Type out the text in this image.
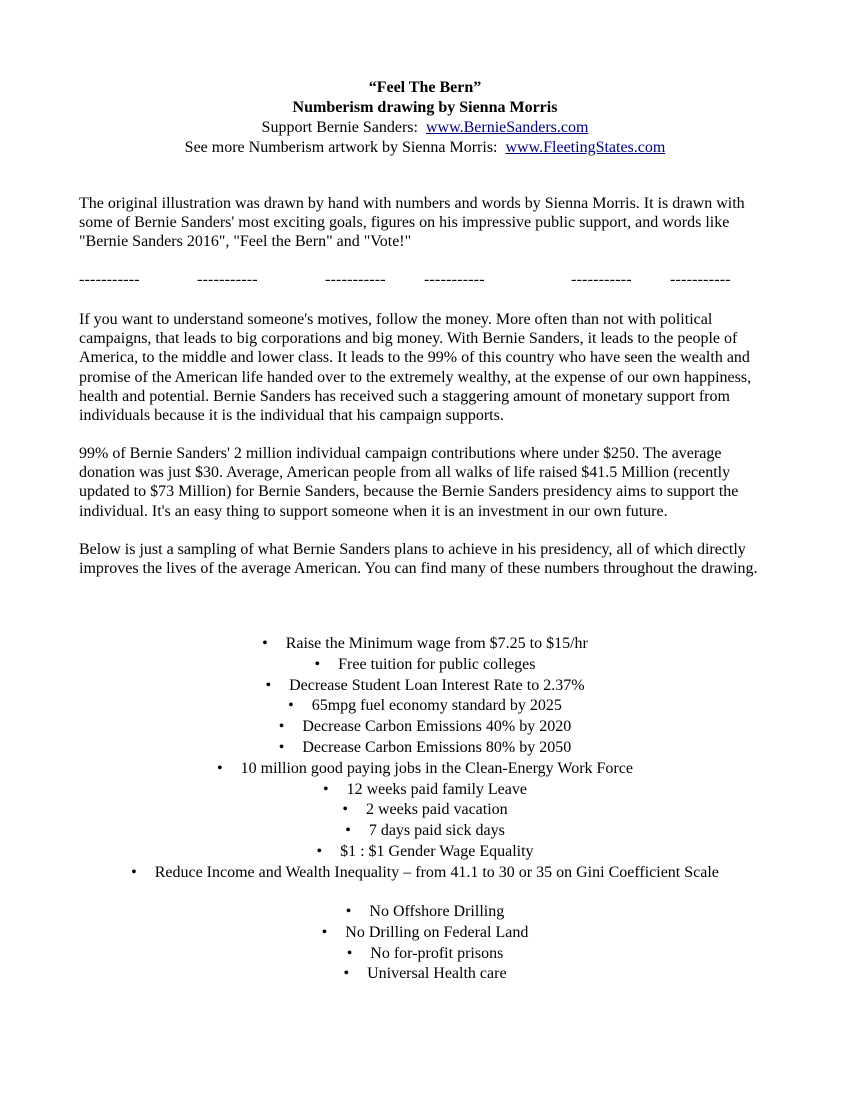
“Feel The Bern”
Numberism drawing by Sienna Morris
Support Bernie Sanders: www.BernieSanders.com
See more Numberism artwork by Sienna Morris: www.FleetingStates.com

The original illustration was drawn by hand with numbers and words by Sienna Morris. It is drawn with some of Bernie Sanders' most exciting goals, figures on his impressive public support, and words like "Bernie Sanders 2016", "Feel the Bern" and "Vote!"

-----------	-----------	----------- -----------	----------- -----------

If you want to understand someone's motives, follow the money. More often than not with political campaigns, that leads to big corporations and big money. With Bernie Sanders, it leads to the people of America, to the middle and lower class. It leads to the 99% of this country who have seen the wealth and promise of the American life handed over to the extremely wealthy, at the expense of our own happiness, health and potential. Bernie Sanders has received such a staggering amount of monetary support from individuals because it is the individual that his campaign supports.

99% of Bernie Sanders' 2 million individual campaign contributions where under $250. The average donation was just $30. Average, American people from all walks of life raised $41.5 Million (recently updated to $73 Million) for Bernie Sanders, because the Bernie Sanders presidency aims to support the individual. It's an easy thing to support someone when it is an investment in our own future.

Below is just a sampling of what Bernie Sanders plans to achieve in his presidency, all of which directly improves the lives of the average American. You can find many of these numbers throughout the drawing.

• Raise the Minimum wage from $7.25 to $15/hr
• Free tuition for public colleges
• Decrease Student Loan Interest Rate to 2.37%
• 65mpg fuel economy standard by 2025
• Decrease Carbon Emissions 40% by 2020
• Decrease Carbon Emissions 80% by 2050
• 10 million good paying jobs in the Clean-Energy Work Force
• 12 weeks paid family Leave
• 2 weeks paid vacation
• 7 days paid sick days
• $1 : $1 Gender Wage Equality
• Reduce Income and Wealth Inequality – from 41.1 to 30 or 35 on Gini Coefficient Scale
• No Offshore Drilling
• No Drilling on Federal Land
• No for-profit prisons
• Universal Health care
